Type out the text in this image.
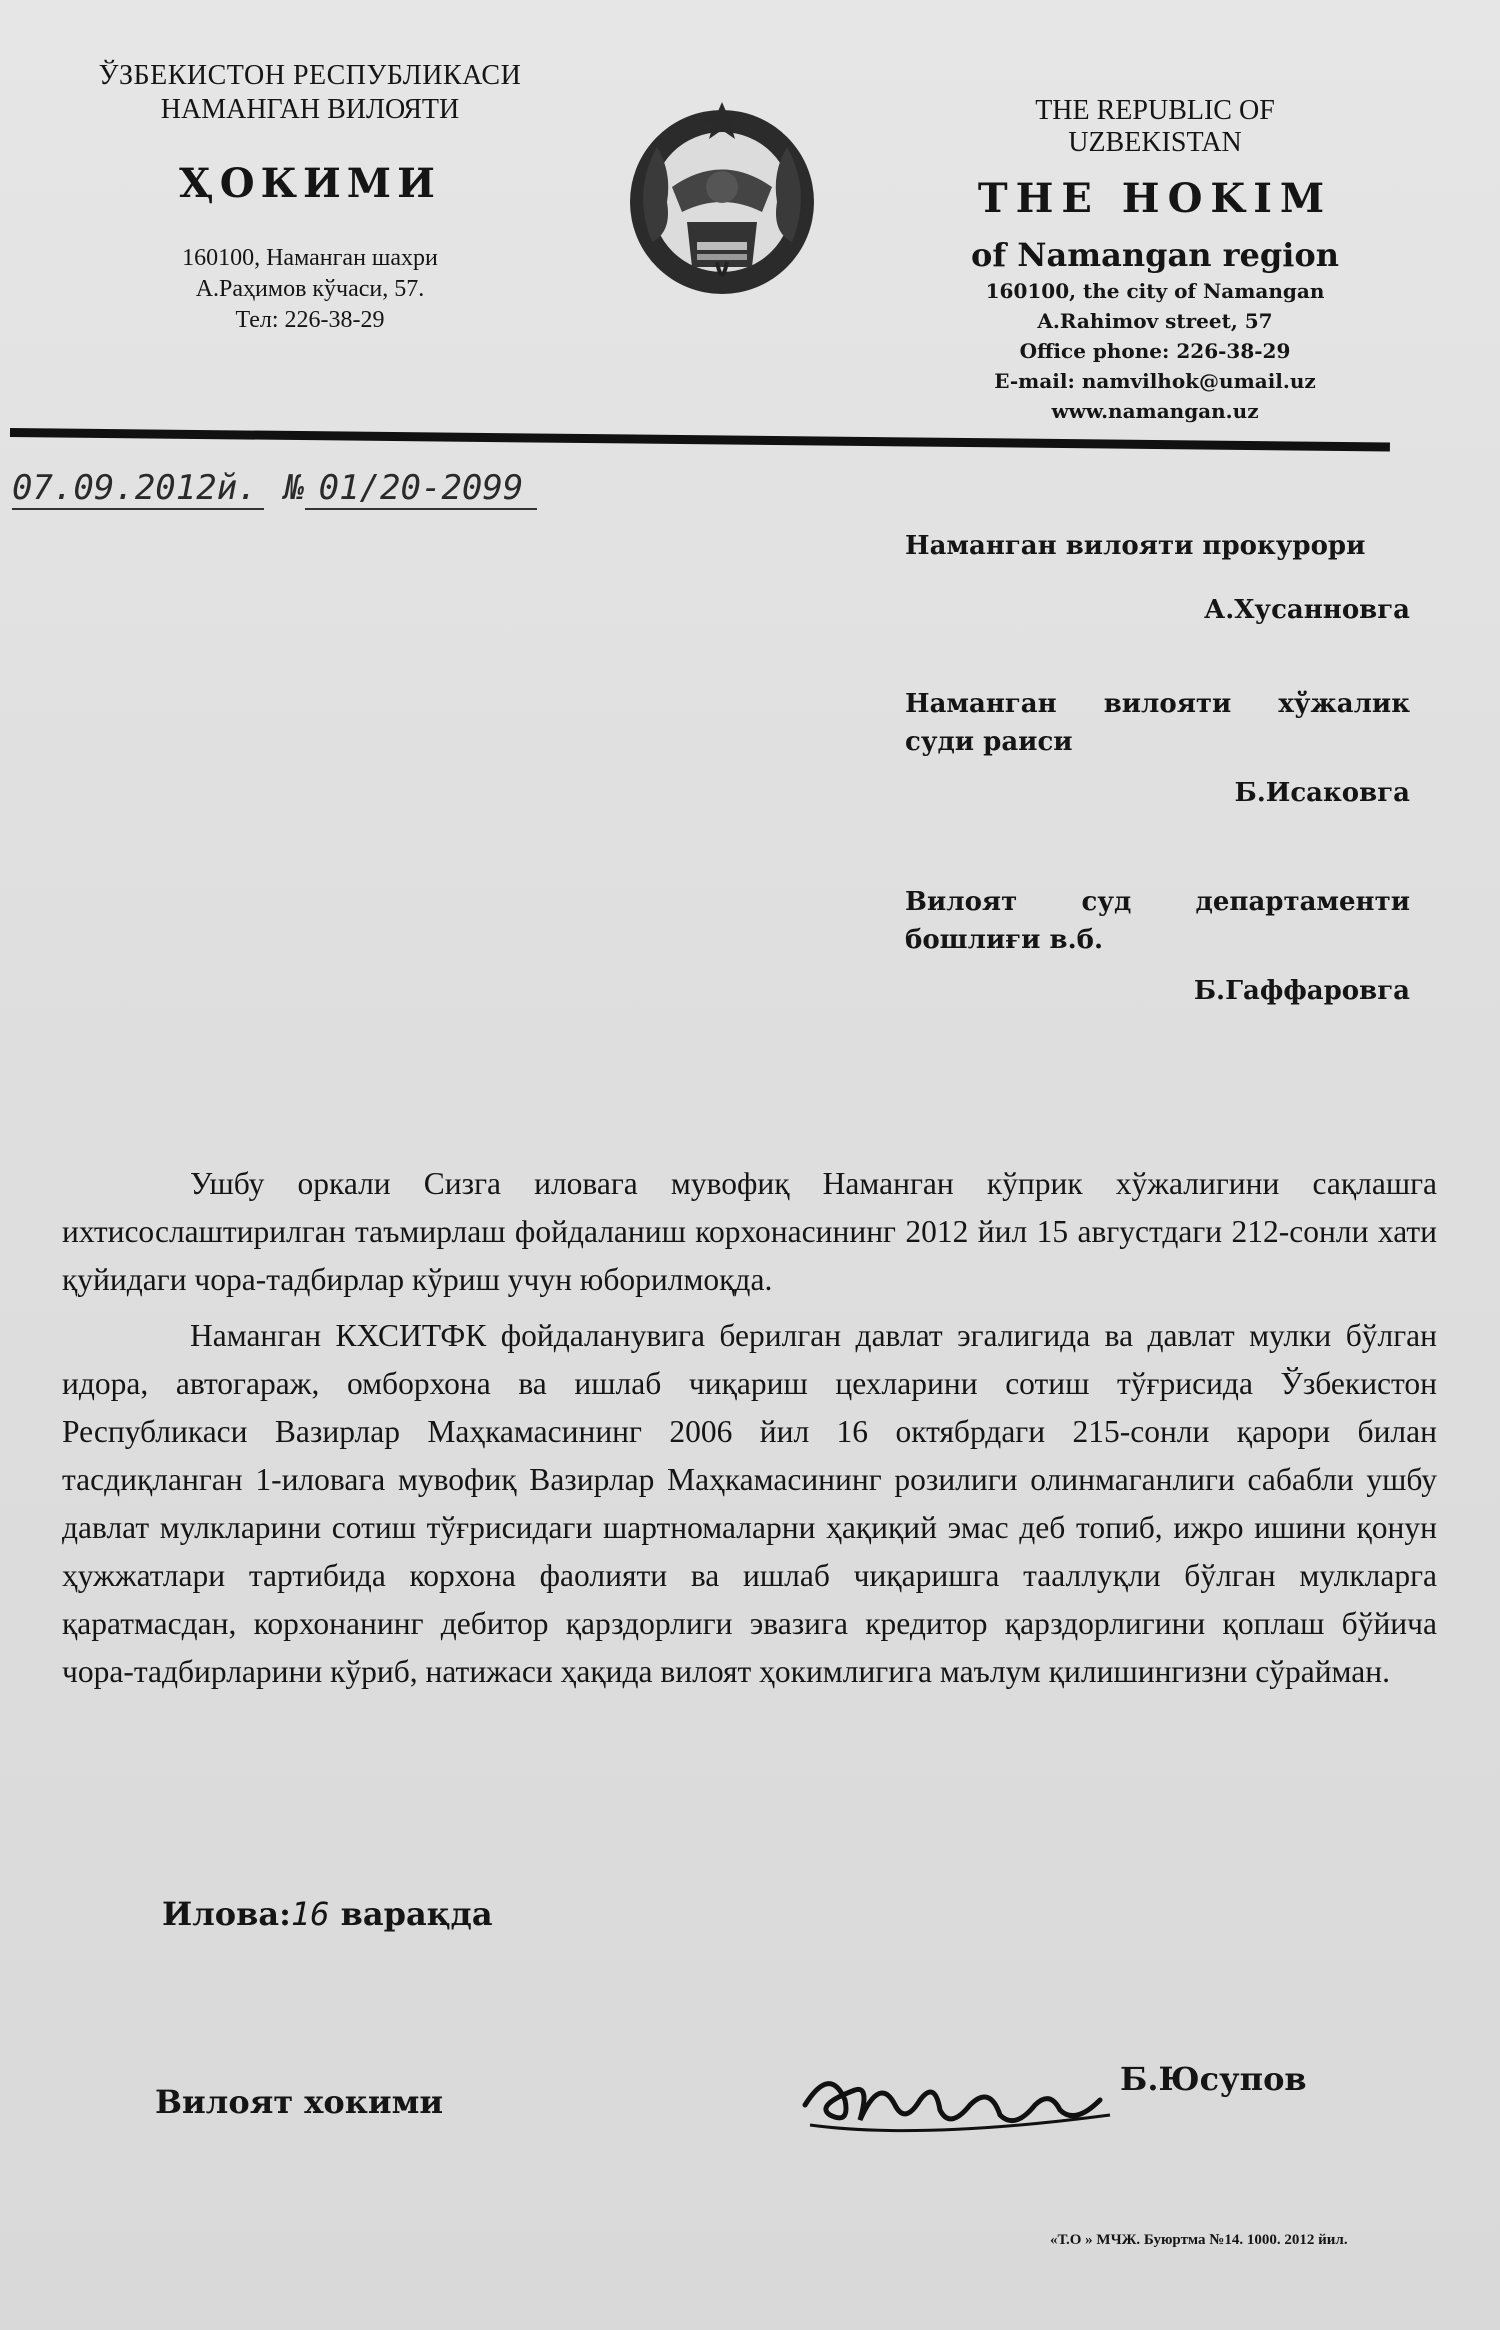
ЎЗБЕКИСТОН РЕСПУБЛИКАСИ
НАМАНГАН ВИЛОЯТИ
ҲОКИМИ
160100, Наманган шахри
А.Раҳимов кўчаси, 57.
Тел: 226-38-29
THE REPUBLIC OF
UZBEKISTAN
THE HOKIM
of Namangan region
160100, the city of Namangan
A.Rahimov street, 57
Office phone: 226-38-29
E-mail: namvilhok@umail.uz
www.namangan.uz
07.09.2012й. № 01/20-2099
Наманган вилояти прокурори
А.Хусанновга
Наманган вилояти хўжалик
суди раиси
Б.Исаковга
Вилоят суд департаменти
бошлиғи в.б.
Б.Гаффаровга

Ушбу оркали Сизга иловага мувофиқ Наманган кўприк хўжалигини сақлашга ихтисослаштирилган таъмирлаш фойдаланиш корхонасининг 2012 йил 15 августдаги 212-сонли хати қуйидаги чора-тадбирлар кўриш учун юборилмоқда.

Наманган КХСИТФК фойдаланувига берилган давлат эгалигида ва давлат мулки бўлган идора, автогараж, омборхона ва ишлаб чиқариш цехларини сотиш тўғрисида Ўзбекистон Республикаси Вазирлар Маҳкамасининг 2006 йил 16 октябрдаги 215-сонли қарори билан тасдиқланган 1-иловага мувофиқ Вазирлар Маҳкамасининг розилиги олинмаганлиги сабабли ушбу давлат мулкларини сотиш тўғрисидаги шартномаларни ҳақиқий эмас деб топиб, ижро ишини қонун ҳужжатлари тартибида корхона фаолияти ва ишлаб чиқаришга тааллуқли бўлган мулкларга қаратмасдан, корхонанинг дебитор қарздорлиги эвазига кредитор қарздорлигини қоплаш бўйича чора-тадбирларини кўриб, натижаси ҳақида вилоят ҳокимлигига маълум қилишингизни сўрайман.

Илова:16 варақда
Вилоят хокими
Б.Юсупов
«Т.О » МЧЖ. Буюртма №14. 1000. 2012 йил.
